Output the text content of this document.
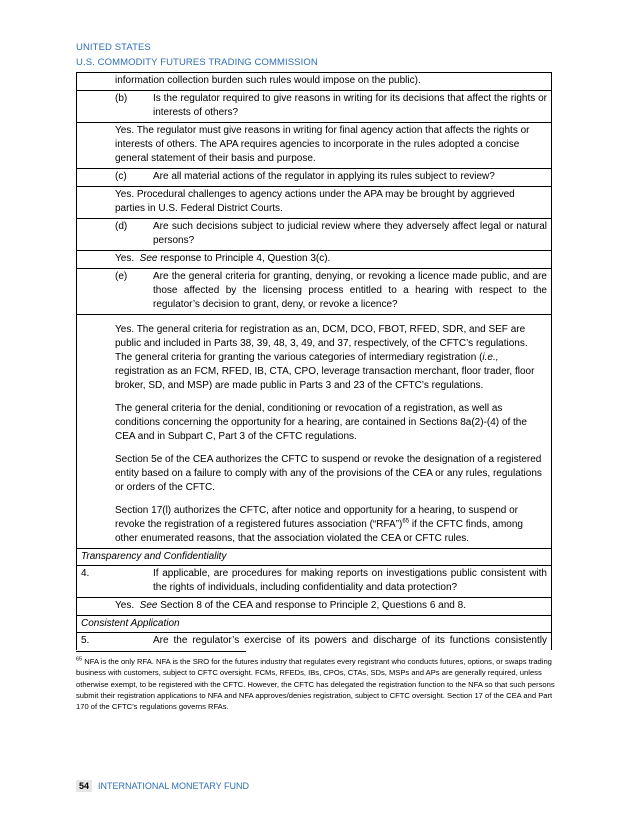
UNITED STATES
U.S. COMMODITY FUTURES TRADING COMMISSION
information collection burden such rules would impose on the public).
(b)	Is the regulator required to give reasons in writing for its decisions that affect the rights or interests of others?
Yes. The regulator must give reasons in writing for final agency action that affects the rights or interests of others. The APA requires agencies to incorporate in the rules adopted a concise general statement of their basis and purpose.
(c)	Are all material actions of the regulator in applying its rules subject to review?
Yes. Procedural challenges to agency actions under the APA may be brought by aggrieved parties in U.S. Federal District Courts.
(d)	Are such decisions subject to judicial review where they adversely affect legal or natural persons?
Yes. See response to Principle 4, Question 3(c).
(e)	Are the general criteria for granting, denying, or revoking a licence made public, and are those affected by the licensing process entitled to a hearing with respect to the regulator’s decision to grant, deny, or revoke a licence?

Yes. The general criteria for registration as an, DCM, DCO, FBOT, RFED, SDR, and SEF are public and included in Parts 38, 39, 48, 3, 49, and 37, respectively, of the CFTC’s regulations. The general criteria for granting the various categories of intermediary registration (i.e., registration as an FCM, RFED, IB, CTA, CPO, leverage transaction merchant, floor trader, floor broker, SD, and MSP) are made public in Parts 3 and 23 of the CFTC’s regulations.

The general criteria for the denial, conditioning or revocation of a registration, as well as conditions concerning the opportunity for a hearing, are contained in Sections 8a(2)-(4) of the CEA and in Subpart C, Part 3 of the CFTC regulations.

Section 5e of the CEA authorizes the CFTC to suspend or revoke the designation of a registered entity based on a failure to comply with any of the provisions of the CEA or any rules, regulations or orders of the CFTC.

Section 17(l) authorizes the CFTC, after notice and opportunity for a hearing, to suspend or revoke the registration of a registered futures association (“RFA”)$^{65}$ if the CFTC finds, among other enumerated reasons, that the association violated the CEA or CFTC rules.

Transparency and Confidentiality
4.	If applicable, are procedures for making reports on investigations public consistent with the rights of individuals, including confidentiality and data protection?
Yes. See Section 8 of the CEA and response to Principle 2, Questions 6 and 8.
Consistent Application
5.	Are the regulator’s exercise of its powers and discharge of its functions consistently
$^{65}$ NFA is the only RFA. NFA is the SRO for the futures industry that regulates every registrant who conducts futures, options, or swaps trading business with customers, subject to CFTC oversight. FCMs, RFEDs, IBs, CPOs, CTAs, SDs, MSPs and APs are generally required, unless otherwise exempt, to be registered with the CFTC. However, the CFTC has delegated the registration function to the NFA so that such persons submit their registration applications to NFA and NFA approves/denies registration, subject to CFTC oversight. Section 17 of the CEA and Part 170 of the CFTC’s regulations governs RFAs.
54 INTERNATIONAL MONETARY FUND
